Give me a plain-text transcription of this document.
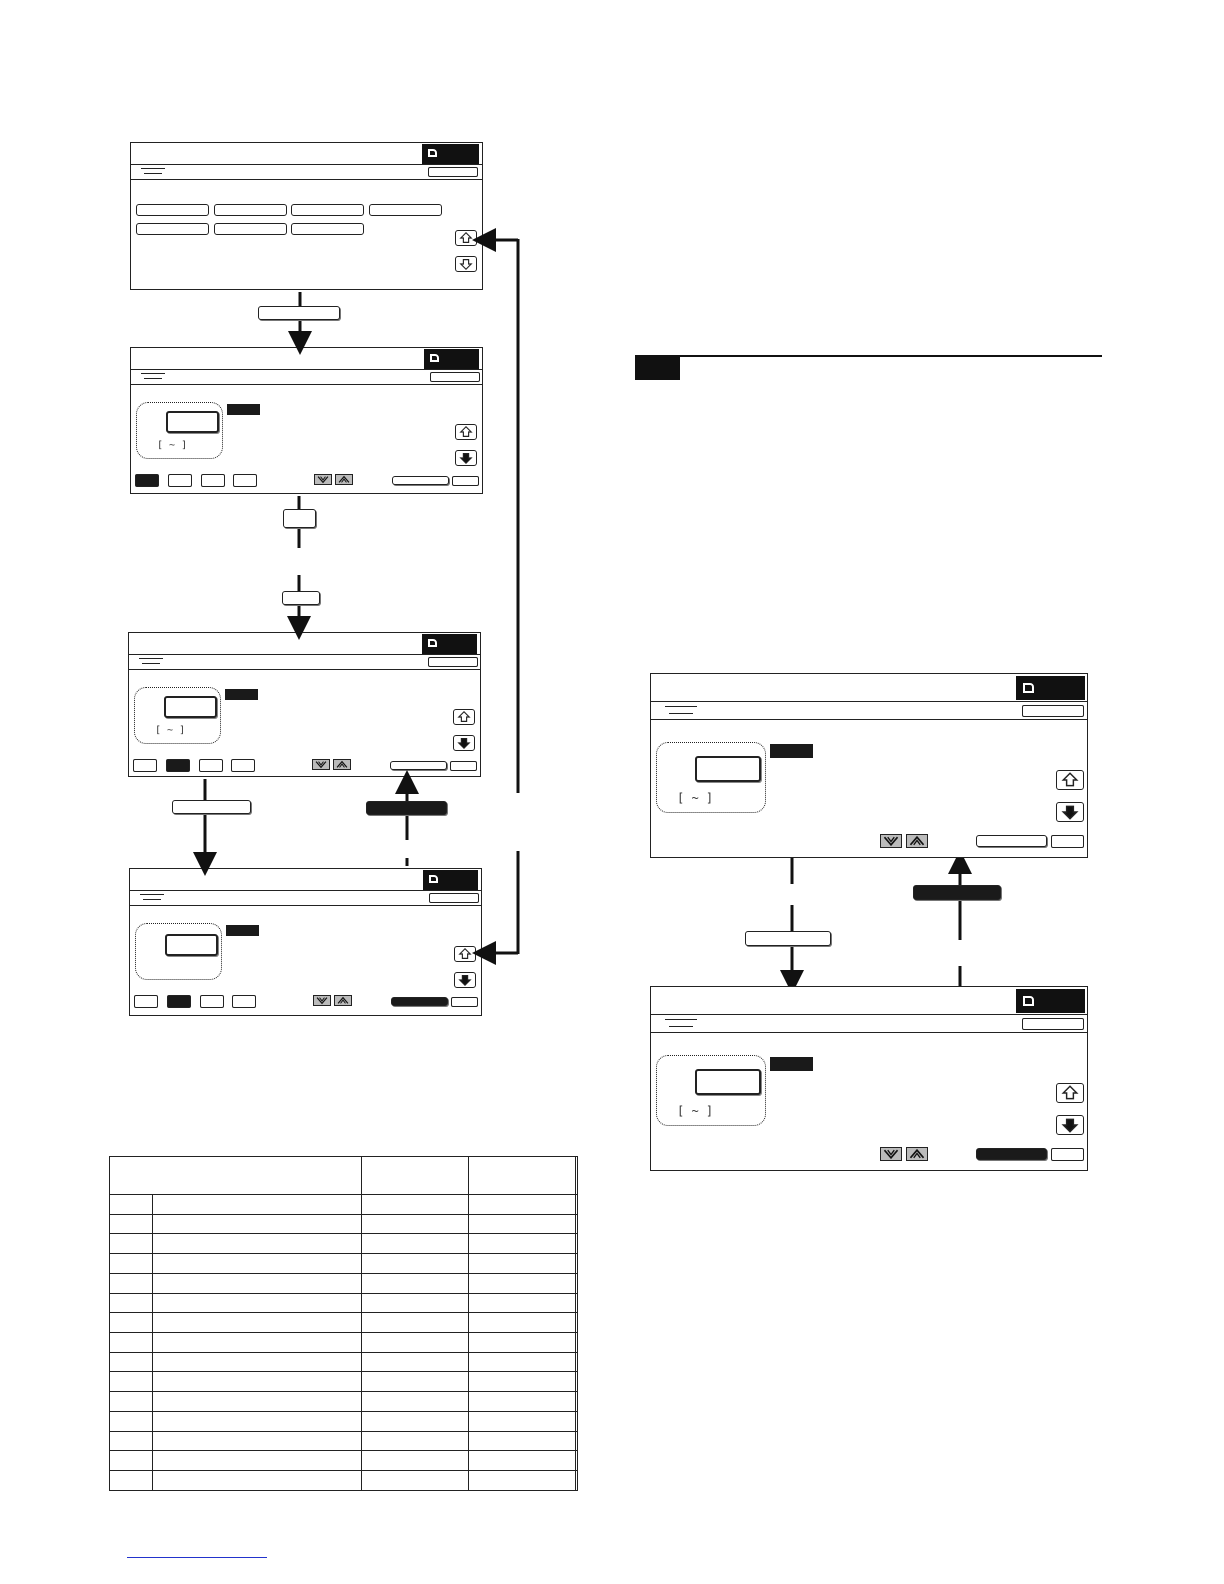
[ ~ ]
[ ~ ]

[ ~ ]
[ ~ ]
